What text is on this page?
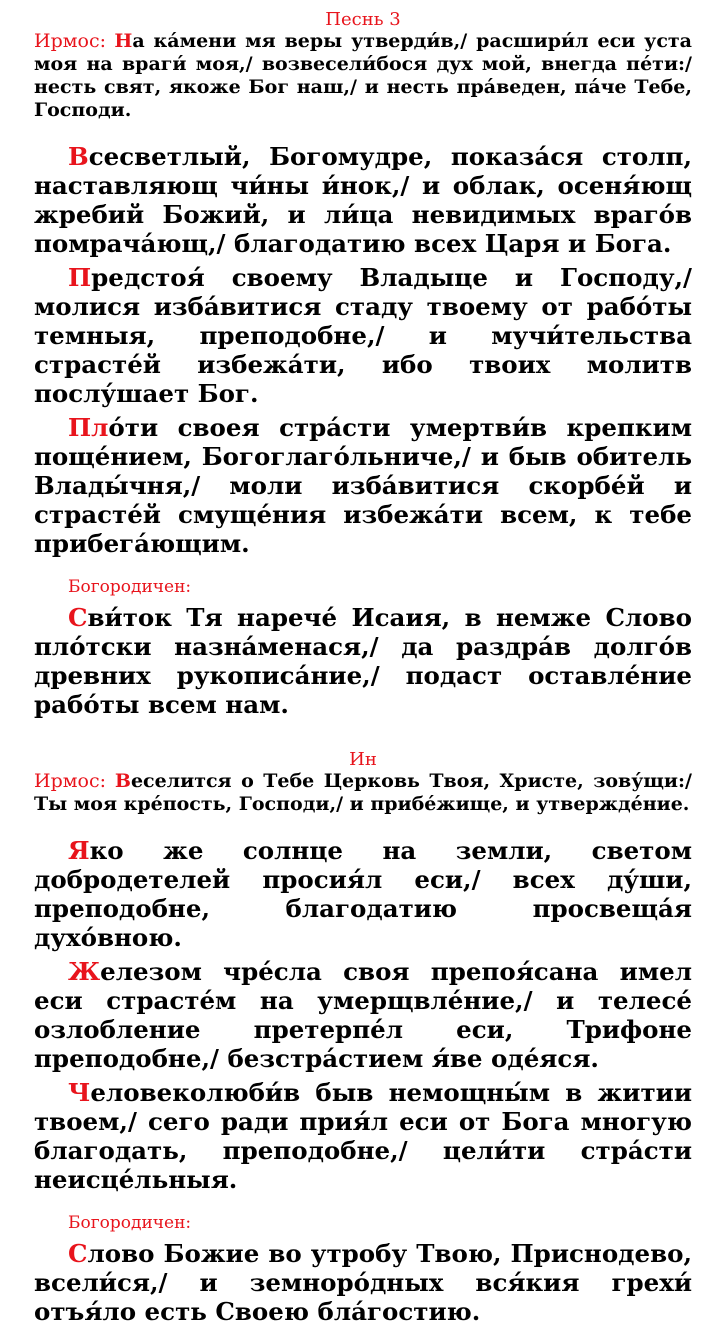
Песнь 3

Ирмос: На ка́мени мя веры утверди́в,/ расшири́л еси уста моя на враги́ моя,/ возвесели́бося дух мой, внегда пе́ти:/ несть свят, якоже Бог наш,/ и несть пра́веден, па́че Тебе, Господи.

Всесветлый, Богомудре, показа́ся столп, наставляющ чи́ны и́нок,/ и облак, осеня́ющ жребий Божий, и ли́ца невидимых враго́в помрача́ющ,/ благодатию всех Царя и Бога.

Предстоя́ своему Владыце и Господу,/ молися изба́витися стаду твоему от рабо́ты темныя, преподобне,/ и мучи́тельства страсте́й избежа́ти, ибо твоих молитв послу́шает Бог.

Пло́ти своея стра́сти умертви́в крепким поще́нием, Богоглаго́льниче,/ и быв обитель Влады́чня,/ моли изба́витися скорбе́й и страсте́й смуще́ния избежа́ти всем, к тебе прибега́ющим.

Богородичен:

Сви́ток Тя нарече́ Исаия, в немже Слово пло́тски назна́менася,/ да раздра́в долго́в древних рукописа́ние,/ подаст оставле́ние рабо́ты всем нам.

Ин

Ирмос: Веселится о Тебе Церковь Твоя, Христе, зову́щи:/ Ты моя кре́пость, Господи,/ и прибе́жище, и утвержде́ние.

Яко же солнце на земли, светом добродетелей просия́л еси,/ всех ду́ши, преподобне, благодатию просвеща́я духо́вною.

Железом чре́сла своя препоя́сана имел еси страсте́м на умерщвле́ние,/ и телесе́ озлобление претерпе́л еси, Трифоне преподобне,/ безстра́стием я́ве оде́яся.

Человеколюби́в быв немощны́м в житии твоем,/ сего ради прия́л еси от Бога многую благодать, преподобне,/ цели́ти стра́сти неисце́льныя.

Богородичен:

Слово Божие во утробу Твою, Приснодево, всели́ся,/ и земноро́дных вся́кия грехи́ отъя́ло есть Своею бла́гостию.
